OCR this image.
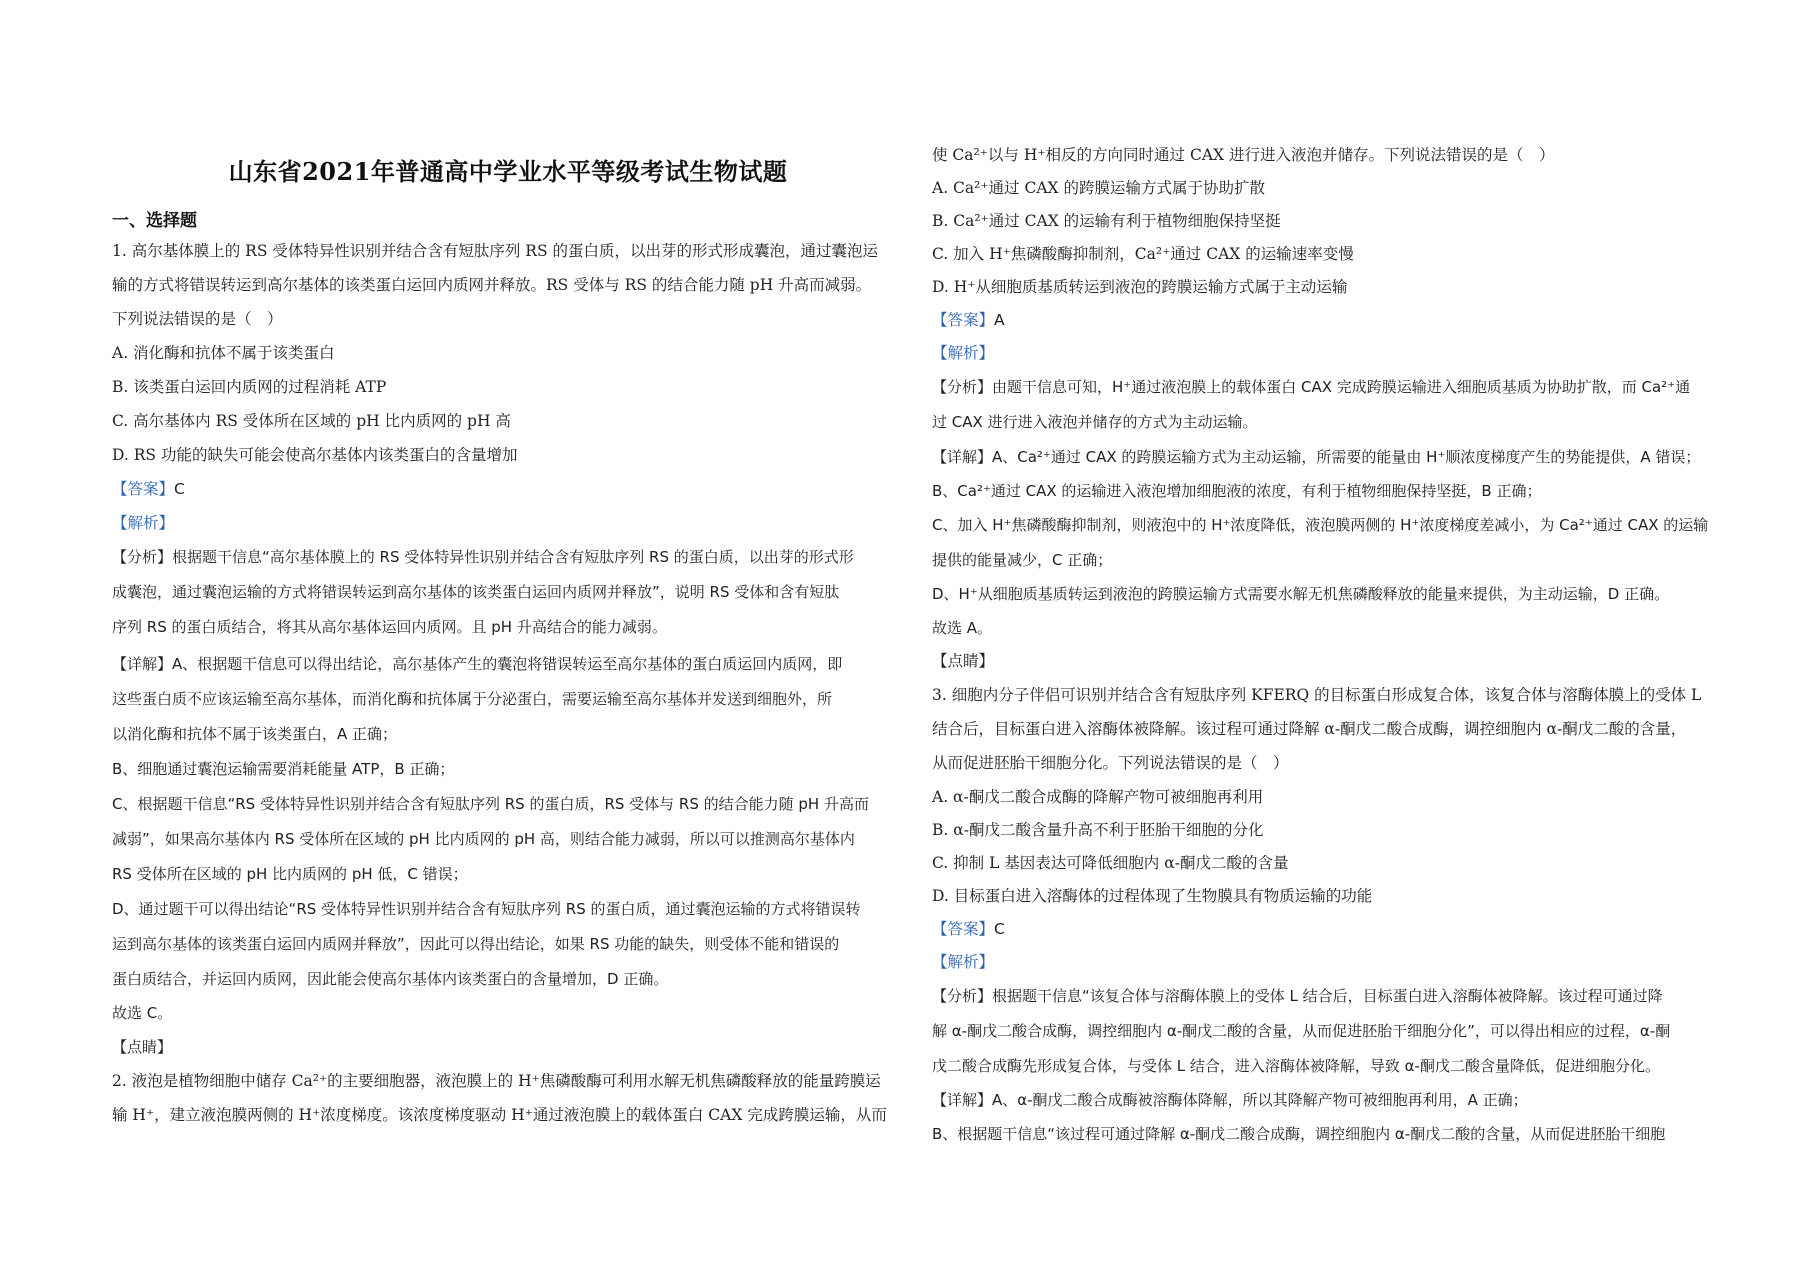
山东省2021年普通高中学业水平等级考试生物试题
一、选择题
1. 高尔基体膜上的 RS 受体特异性识别并结合含有短肽序列 RS 的蛋白质，以出芽的形式形成囊泡，通过囊泡运
输的方式将错误转运到高尔基体的该类蛋白运回内质网并释放。RS 受体与 RS 的结合能力随 pH 升高而减弱。
下列说法错误的是（　）
A. 消化酶和抗体不属于该类蛋白
B. 该类蛋白运回内质网的过程消耗 ATP
C. 高尔基体内 RS 受体所在区域的 pH 比内质网的 pH 高
D. RS 功能的缺失可能会使高尔基体内该类蛋白的含量增加
【答案】C
【解析】
【分析】根据题干信息“高尔基体膜上的 RS 受体特异性识别并结合含有短肽序列 RS 的蛋白质，以出芽的形式形
成囊泡，通过囊泡运输的方式将错误转运到高尔基体的该类蛋白运回内质网并释放”，说明 RS 受体和含有短肽
序列 RS 的蛋白质结合，将其从高尔基体运回内质网。且 pH 升高结合的能力减弱。
【详解】A、根据题干信息可以得出结论，高尔基体产生的囊泡将错误转运至高尔基体的蛋白质运回内质网，即
这些蛋白质不应该运输至高尔基体，而消化酶和抗体属于分泌蛋白，需要运输至高尔基体并发送到细胞外，所
以消化酶和抗体不属于该类蛋白，A 正确；
B、细胞通过囊泡运输需要消耗能量 ATP，B 正确；
C、根据题干信息“RS 受体特异性识别并结合含有短肽序列 RS 的蛋白质，RS 受体与 RS 的结合能力随 pH 升高而
减弱”，如果高尔基体内 RS 受体所在区域的 pH 比内质网的 pH 高，则结合能力减弱，所以可以推测高尔基体内
RS 受体所在区域的 pH 比内质网的 pH 低，C 错误；
D、通过题干可以得出结论“RS 受体特异性识别并结合含有短肽序列 RS 的蛋白质，通过囊泡运输的方式将错误转
运到高尔基体的该类蛋白运回内质网并释放”，因此可以得出结论，如果 RS 功能的缺失，则受体不能和错误的
蛋白质结合，并运回内质网，因此能会使高尔基体内该类蛋白的含量增加，D 正确。
故选 C。
【点睛】
2. 液泡是植物细胞中储存 Ca²⁺的主要细胞器，液泡膜上的 H⁺焦磷酸酶可利用水解无机焦磷酸释放的能量跨膜运
输 H⁺，建立液泡膜两侧的 H⁺浓度梯度。该浓度梯度驱动 H⁺通过液泡膜上的载体蛋白 CAX 完成跨膜运输，从而
使 Ca²⁺以与 H⁺相反的方向同时通过 CAX 进行进入液泡并储存。下列说法错误的是（　）
A. Ca²⁺通过 CAX 的跨膜运输方式属于协助扩散
B. Ca²⁺通过 CAX 的运输有利于植物细胞保持坚挺
C. 加入 H⁺焦磷酸酶抑制剂，Ca²⁺通过 CAX 的运输速率变慢
D. H⁺从细胞质基质转运到液泡的跨膜运输方式属于主动运输
【答案】A
【解析】
【分析】由题干信息可知，H⁺通过液泡膜上的载体蛋白 CAX 完成跨膜运输进入细胞质基质为协助扩散，而 Ca²⁺通
过 CAX 进行进入液泡并储存的方式为主动运输。
【详解】A、Ca²⁺通过 CAX 的跨膜运输方式为主动运输，所需要的能量由 H⁺顺浓度梯度产生的势能提供，A 错误；
B、Ca²⁺通过 CAX 的运输进入液泡增加细胞液的浓度，有利于植物细胞保持坚挺，B 正确；
C、加入 H⁺焦磷酸酶抑制剂，则液泡中的 H⁺浓度降低，液泡膜两侧的 H⁺浓度梯度差减小，为 Ca²⁺通过 CAX 的运输
提供的能量减少，C 正确；
D、H⁺从细胞质基质转运到液泡的跨膜运输方式需要水解无机焦磷酸释放的能量来提供，为主动运输，D 正确。
故选 A。
【点睛】
3. 细胞内分子伴侣可识别并结合含有短肽序列 KFERQ 的目标蛋白形成复合体，该复合体与溶酶体膜上的受体 L
结合后，目标蛋白进入溶酶体被降解。该过程可通过降解 α-酮戊二酸合成酶，调控细胞内 α-酮戊二酸的含量，
从而促进胚胎干细胞分化。下列说法错误的是（　）
A. α-酮戊二酸合成酶的降解产物可被细胞再利用
B. α-酮戊二酸含量升高不利于胚胎干细胞的分化
C. 抑制 L 基因表达可降低细胞内 α-酮戊二酸的含量
D. 目标蛋白进入溶酶体的过程体现了生物膜具有物质运输的功能
【答案】C
【解析】
【分析】根据题干信息“该复合体与溶酶体膜上的受体 L 结合后，目标蛋白进入溶酶体被降解。该过程可通过降
解 α-酮戊二酸合成酶，调控细胞内 α-酮戊二酸的含量，从而促进胚胎干细胞分化”，可以得出相应的过程，α-酮
戊二酸合成酶先形成复合体，与受体 L 结合，进入溶酶体被降解，导致 α-酮戊二酸含量降低，促进细胞分化。
【详解】A、α-酮戊二酸合成酶被溶酶体降解，所以其降解产物可被细胞再利用，A 正确；
B、根据题干信息“该过程可通过降解 α-酮戊二酸合成酶，调控细胞内 α-酮戊二酸的含量，从而促进胚胎干细胞
